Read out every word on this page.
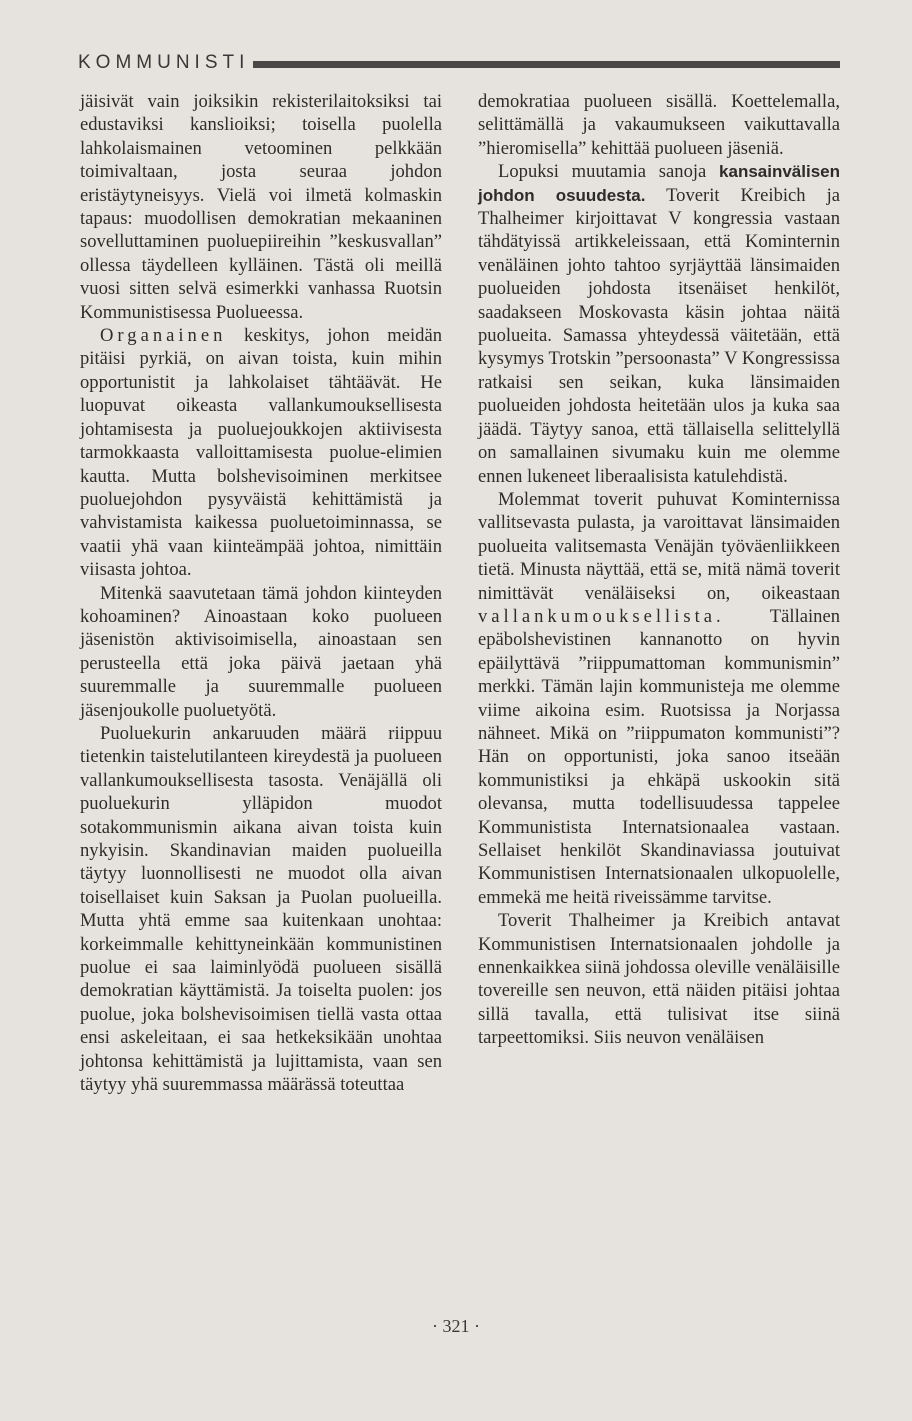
KOMMUNISTI

jäisivät vain joiksikin rekisterilaitoksiksi tai edustaviksi kanslioiksi; toisella puolella lahkolaismainen vetoominen pelkkään toimivaltaan, josta seuraa johdon eristäytyneisyys. Vielä voi ilmetä kolmaskin tapaus: muodollisen demokratian mekaaninen sovelluttaminen puoluepiireihin ”keskusvallan” ollessa täydelleen kylläinen. Tästä oli meillä vuosi sitten selvä esimerkki vanhassa Ruotsin Kommunistisessa Puolueessa.

Organainen keskitys, johon meidän pitäisi pyrkiä, on aivan toista, kuin mihin opportunistit ja lahkolaiset tähtäävät. He luopuvat oikeasta vallankumouksellisesta johtamisesta ja puoluejoukkojen aktiivisesta tarmokkaasta valloittamisesta puolue-elimien kautta. Mutta bolshevisoiminen merkitsee puoluejohdon pysyväistä kehittämistä ja vahvistamista kaikessa puoluetoiminnassa, se vaatii yhä vaan kiinteämpää johtoa, nimittäin viisasta johtoa.

Mitenkä saavutetaan tämä johdon kiinteyden kohoaminen? Ainoastaan koko puolueen jäsenistön aktivisoimisella, ainoastaan sen perusteella että joka päivä jaetaan yhä suuremmalle ja suuremmalle puolueen jäsenjoukolle puoluetyötä.

Puoluekurin ankaruuden määrä riippuu tietenkin taistelutilanteen kireydestä ja puolueen vallankumouksellisesta tasosta. Venäjällä oli puoluekurin ylläpidon muodot sotakommunismin aikana aivan toista kuin nykyisin. Skandinavian maiden puolueilla täytyy luonnollisesti ne muodot olla aivan toisellaiset kuin Saksan ja Puolan puolueilla. Mutta yhtä emme saa kuitenkaan unohtaa: korkeimmalle kehittyneinkään kommunistinen puolue ei saa laiminlyödä puolueen sisällä demokratian käyttämistä. Ja toiselta puolen: jos puolue, joka bolshevisoimisen tiellä vasta ottaa ensi askeleitaan, ei saa hetkeksikään unohtaa johtonsa kehittämistä ja lujittamista, vaan sen täytyy yhä suuremmassa määrässä toteuttaa

demokratiaa puolueen sisällä. Koettelemalla, selittämällä ja vakaumukseen vaikuttavalla ”hieromisella” kehittää puolueen jäseniä.

Lopuksi muutamia sanoja kansainvälisen johdon osuudesta. Toverit Kreibich ja Thalheimer kirjoittavat V kongressia vastaan tähdätyissä artikkeleissaan, että Kominternin venäläinen johto tahtoo syrjäyttää länsimaiden puolueiden johdosta itsenäiset henkilöt, saadakseen Moskovasta käsin johtaa näitä puolueita. Samassa yhteydessä väitetään, että kysymys Trotskin ”persoonasta” V Kongressissa ratkaisi sen seikan, kuka länsimaiden puolueiden johdosta heitetään ulos ja kuka saa jäädä. Täytyy sanoa, että tällaisella selittelyllä on samallainen sivumaku kuin me olemme ennen lukeneet liberaalisista katulehdistä.

Molemmat toverit puhuvat Kominternissa vallitsevasta pulasta, ja varoittavat länsimaiden puolueita valitsemasta Venäjän työväenliikkeen tietä. Minusta näyttää, että se, mitä nämä toverit nimittävät venäläiseksi on, oikeastaan vallankumouksellista. Tällainen epäbolshevistinen kannanotto on hyvin epäilyttävä ”riippumattoman kommunismin” merkki. Tämän lajin kommunisteja me olemme viime aikoina esim. Ruotsissa ja Norjassa nähneet. Mikä on ”riippumaton kommunisti”? Hän on opportunisti, joka sanoo itseään kommunistiksi ja ehkäpä uskookin sitä olevansa, mutta todellisuudessa tappelee Kommunistista Internatsionaalea vastaan. Sellaiset henkilöt Skandinaviassa joutuivat Kommunistisen Internatsionaalen ulkopuolelle, emmekä me heitä riveissämme tarvitse.

Toverit Thalheimer ja Kreibich antavat Kommunistisen Internatsionaalen johdolle ja ennenkaikkea siinä johdossa oleville venäläisille tovereille sen neuvon, että näiden pitäisi johtaa sillä tavalla, että tulisivat itse siinä tarpeettomiksi. Siis neuvon venäläisen

· 321 ·
